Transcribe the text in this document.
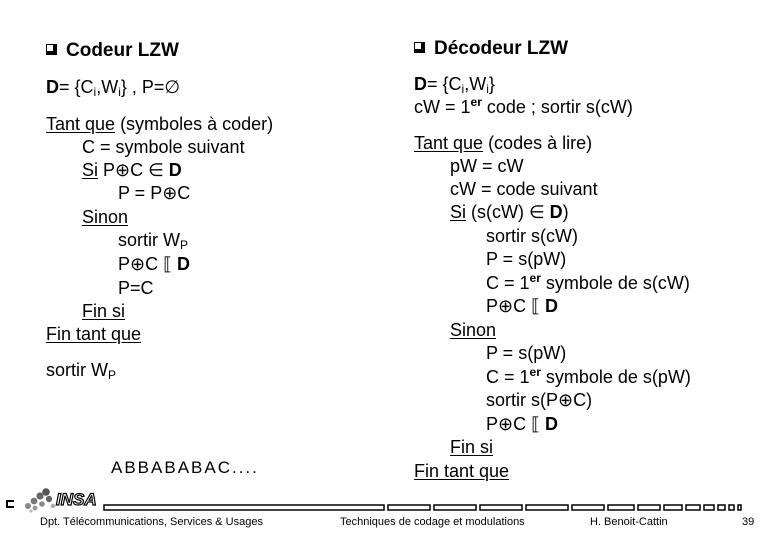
Codeur LZW
$D = \{C_i,W_i\}$ , P=∅
Tant que (symboles à coder)
C = symbole suivant
Si P⊕C ∈ D
P = P⊕C
Sinon
sortir $W_P$
P⊕C ⟦ D
P=C
Fin si
Fin tant que
sortir $W_P$
ABBABABAC....
Décodeur LZW
$D = \{C_i,W_i\}$
cW = 1er code ; sortir s(cW)
Tant que (codes à lire)
pW = cW
cW = code suivant
Si (s(cW) ∈ D )
sortir s(cW)
P = s(pW)
C = 1er symbole de s(cW)
P⊕C ⟦ D
Sinon
P = s(pW)
C = 1er symbole de s(pW)
sortir s(P⊕C)
P⊕C ⟦ D
Fin si
Fin tant que
INSA
Dpt. Télécommunications, Services & Usages	Techniques de codage et modulations	H. Benoit-Cattin	39
